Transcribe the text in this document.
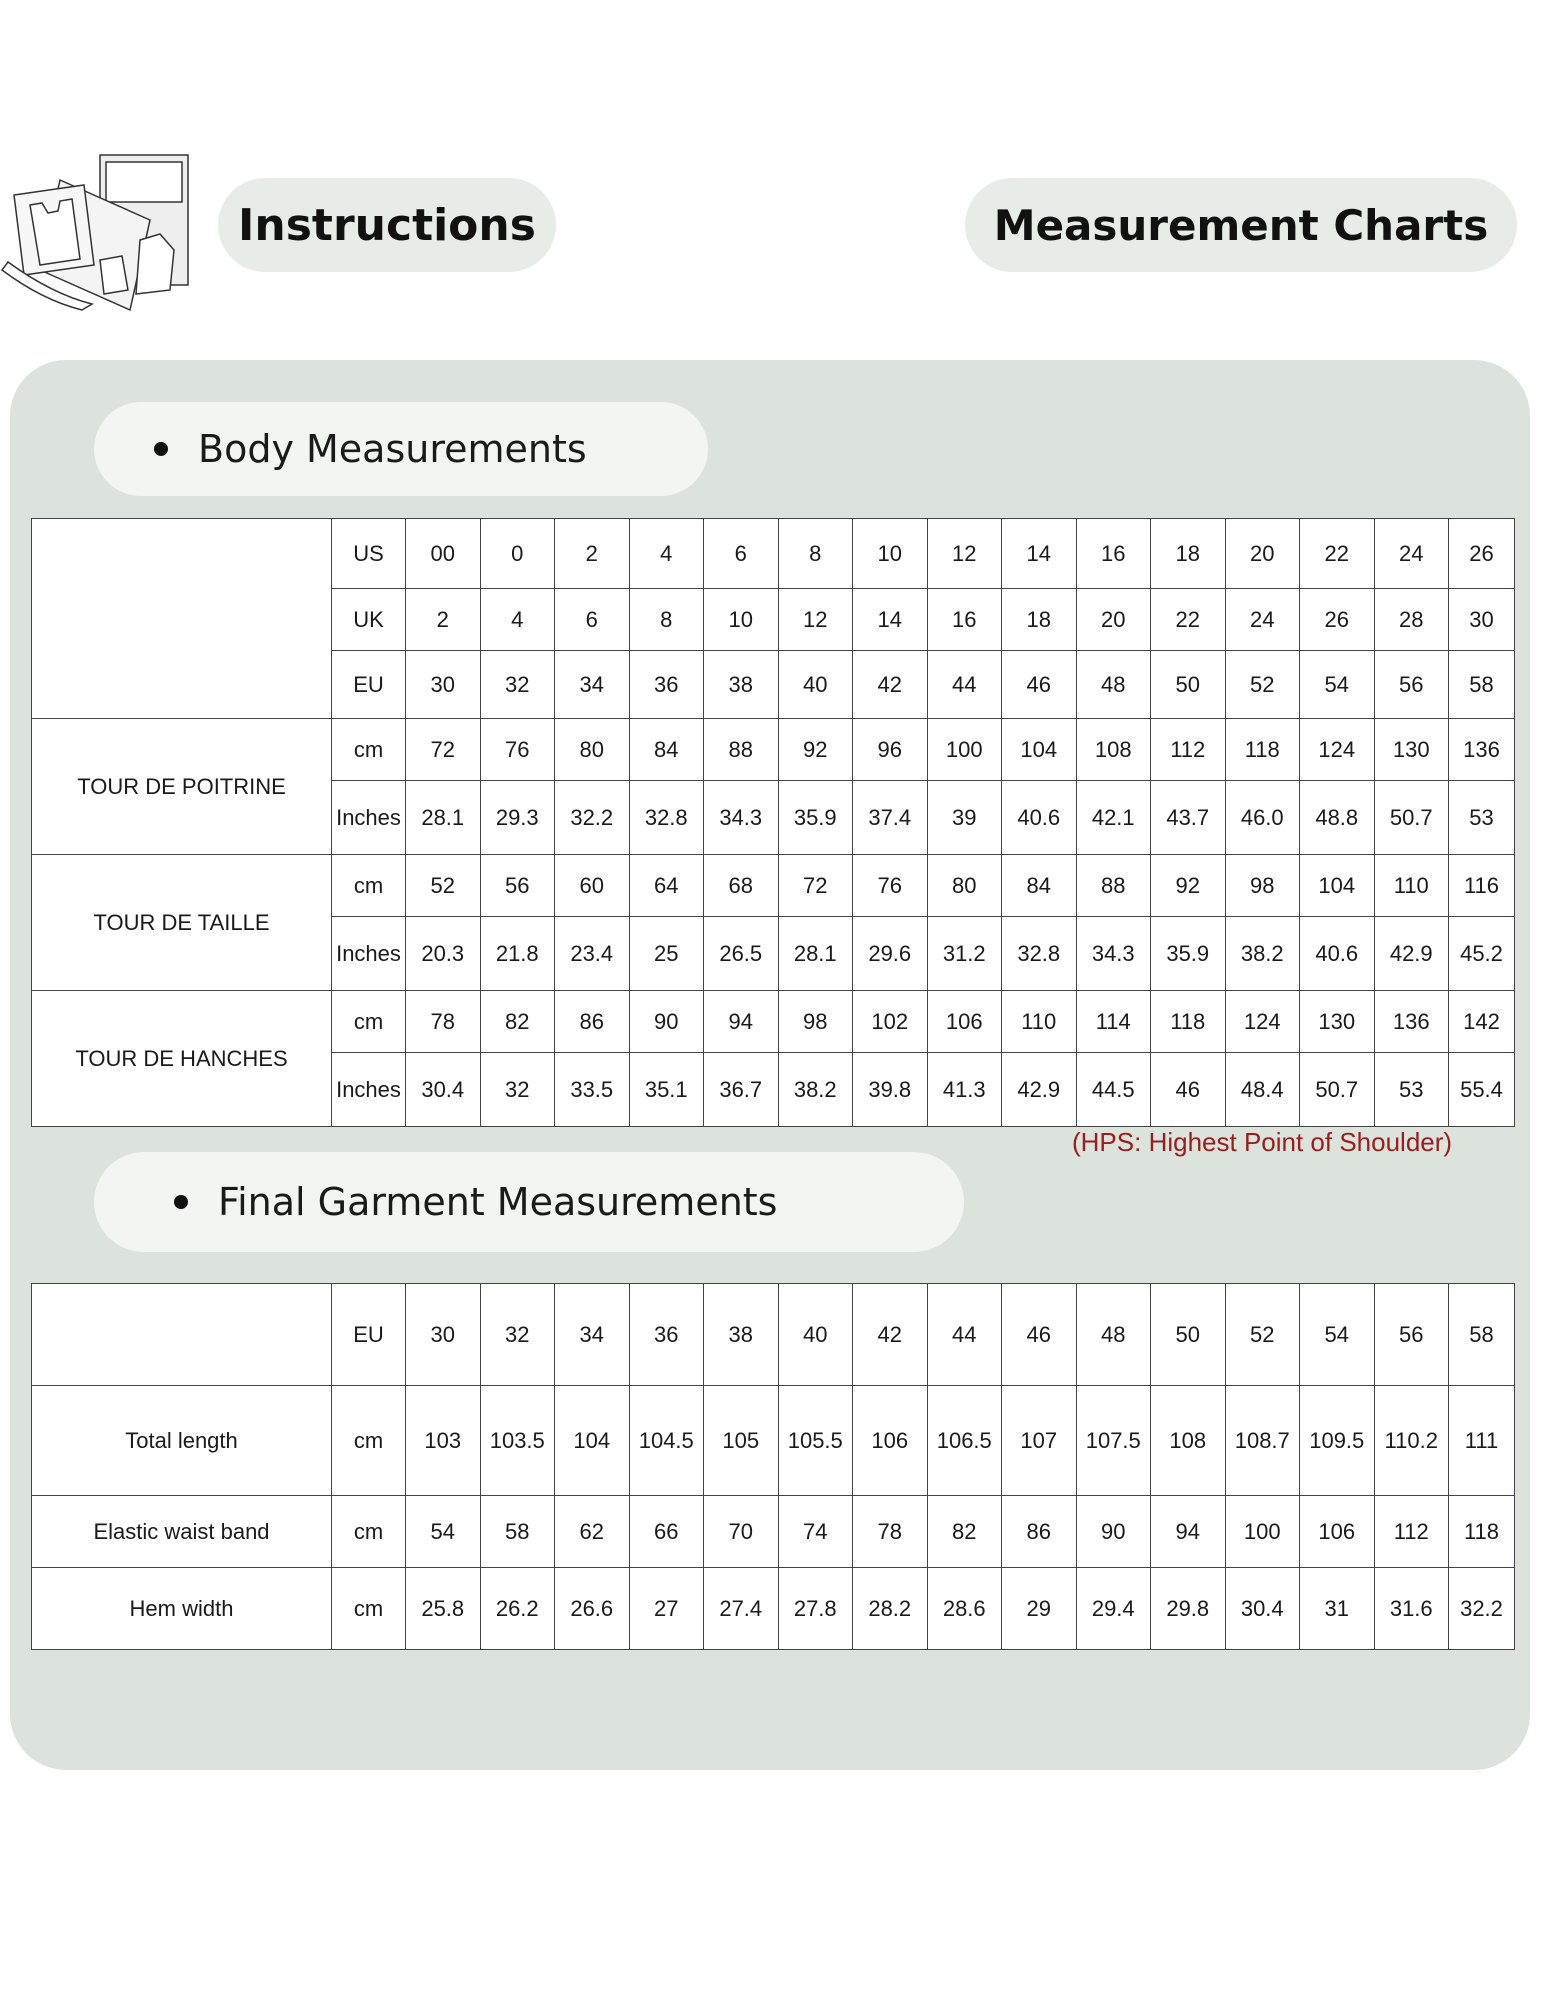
Instructions	Measurement Charts
Body Measurements
	US	00	0	2	4	6	8	10	12	14	16	18	20	22	24	26
	UK	2	4	6	8	10	12	14	16	18	20	22	24	26	28	30
	EU	30	32	34	36	38	40	42	44	46	48	50	52	54	56	58
TOUR DE POITRINE	cm	72	76	80	84	88	92	96	100	104	108	112	118	124	130	136
	Inches	28.1	29.3	32.2	32.8	34.3	35.9	37.4	39	40.6	42.1	43.7	46.0	48.8	50.7	53
TOUR DE TAILLE	cm	52	56	60	64	68	72	76	80	84	88	92	98	104	110	116
	Inches	20.3	21.8	23.4	25	26.5	28.1	29.6	31.2	32.8	34.3	35.9	38.2	40.6	42.9	45.2
TOUR DE HANCHES	cm	78	82	86	90	94	98	102	106	110	114	118	124	130	136	142
	Inches	30.4	32	33.5	35.1	36.7	38.2	39.8	41.3	42.9	44.5	46	48.4	50.7	53	55.4
(HPS: Highest Point of Shoulder)
Final Garment Measurements
	EU	30	32	34	36	38	40	42	44	46	48	50	52	54	56	58
Total length	cm	103	103.5	104	104.5	105	105.5	106	106.5	107	107.5	108	108.7	109.5	110.2	111
Elastic waist band	cm	54	58	62	66	70	74	78	82	86	90	94	100	106	112	118
Hem width	cm	25.8	26.2	26.6	27	27.4	27.8	28.2	28.6	29	29.4	29.8	30.4	31	31.6	32.2
